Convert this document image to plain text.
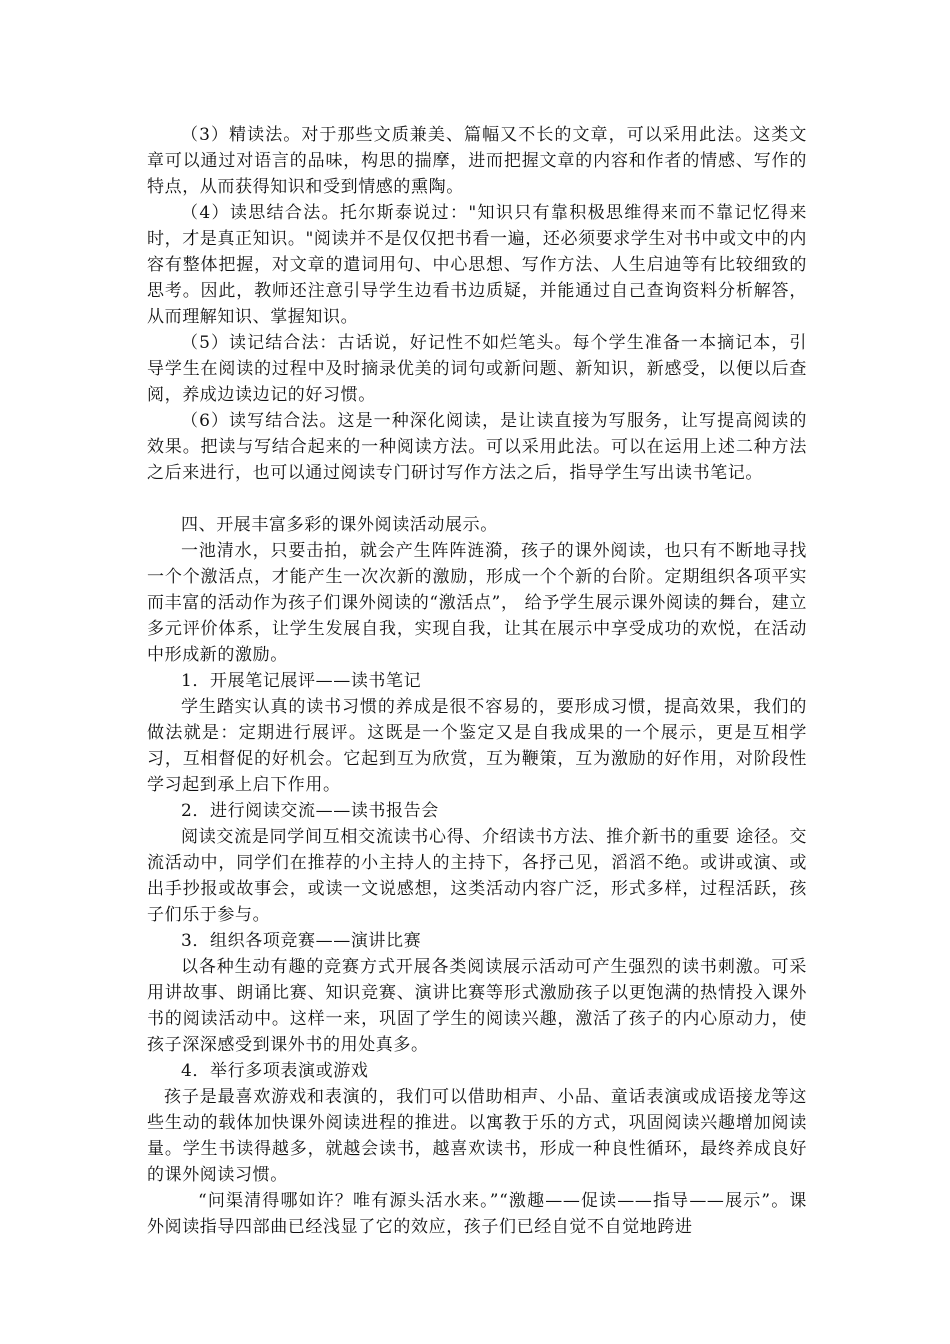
（3）精读法。对于那些文质兼美、篇幅又不长的文章，可以采用此法。这类文章可以通过对语言的品味，构思的揣摩，进而把握文章的内容和作者的情感、写作的特点，从而获得知识和受到情感的熏陶。

（4）读思结合法。托尔斯泰说过："知识只有靠积极思维得来而不靠记忆得来时，才是真正知识。"阅读并不是仅仅把书看一遍，还必须要求学生对书中或文中的内容有整体把握，对文章的遣词用句、中心思想、写作方法、人生启迪等有比较细致的思考。因此，教师还注意引导学生边看书边质疑，并能通过自己查询资料分析解答，从而理解知识、掌握知识。

（5）读记结合法：古话说，好记性不如烂笔头。每个学生准备一本摘记本，引导学生在阅读的过程中及时摘录优美的词句或新问题、新知识，新感受，以便以后查阅，养成边读边记的好习惯。

（6）读写结合法。这是一种深化阅读，是让读直接为写服务，让写提高阅读的效果。把读与写结合起来的一种阅读方法。可以采用此法。可以在运用上述二种方法之后来进行，也可以通过阅读专门研讨写作方法之后，指导学生写出读书笔记。

四、开展丰富多彩的课外阅读活动展示。

一池清水，只要击拍，就会产生阵阵涟漪，孩子的课外阅读，也只有不断地寻找一个个激活点，才能产生一次次新的激励，形成一个个新的台阶。定期组织各项平实而丰富的活动作为孩子们课外阅读的“激活点”， 给予学生展示课外阅读的舞台，建立多元评价体系，让学生发展自我，实现自我，让其在展示中享受成功的欢悦，在活动中形成新的激励。

1．开展笔记展评——读书笔记

学生踏实认真的读书习惯的养成是很不容易的，要形成习惯，提高效果，我们的做法就是：定期进行展评。这既是一个鉴定又是自我成果的一个展示，更是互相学习，互相督促的好机会。它起到互为欣赏，互为鞭策，互为激励的好作用，对阶段性学习起到承上启下作用。

2．进行阅读交流——读书报告会

阅读交流是同学间互相交流读书心得、介绍读书方法、推介新书的重要 途径。交流活动中，同学们在推荐的小主持人的主持下，各抒己见，滔滔不绝。或讲或演、或出手抄报或故事会，或读一文说感想，这类活动内容广泛，形式多样，过程活跃，孩子们乐于参与。

3．组织各项竞赛——演讲比赛

以各种生动有趣的竞赛方式开展各类阅读展示活动可产生强烈的读书刺激。可采用讲故事、朗诵比赛、知识竞赛、演讲比赛等形式激励孩子以更饱满的热情投入课外书的阅读活动中。这样一来，巩固了学生的阅读兴趣，激活了孩子的内心原动力，使孩子深深感受到课外书的用处真多。

4．举行多项表演或游戏

孩子是最喜欢游戏和表演的，我们可以借助相声、小品、童话表演或成语接龙等这些生动的载体加快课外阅读进程的推进。以寓教于乐的方式，巩固阅读兴趣增加阅读量。学生书读得越多，就越会读书，越喜欢读书，形成一种良性循环，最终养成良好的课外阅读习惯。

“问渠清得哪如许？唯有源头活水来。”“激趣——促读——指导——展示”。课外阅读指导四部曲已经浅显了它的效应，孩子们已经自觉不自觉地跨进
